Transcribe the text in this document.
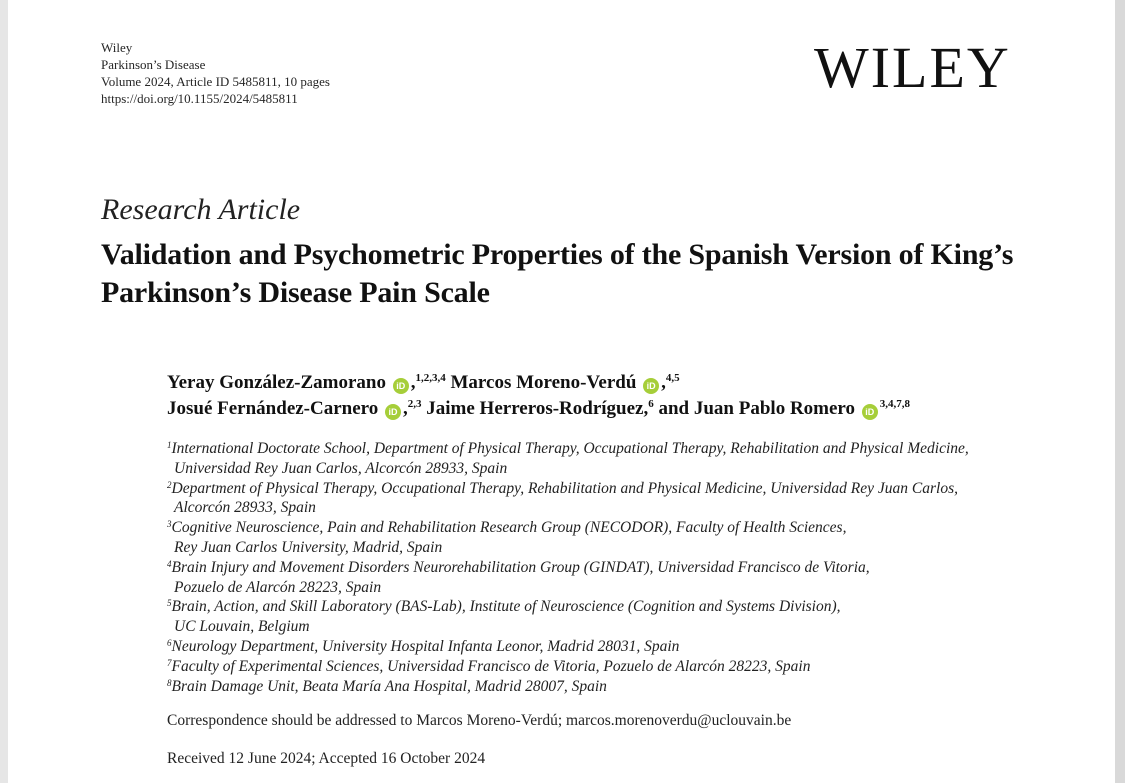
Wiley
Parkinson’s Disease
Volume 2024, Article ID 5485811, 10 pages
https://doi.org/10.1155/2024/5485811	WILEY
Research Article
Validation and Psychometric Properties of the Spanish Version of King’s Parkinson’s Disease Pain Scale
Yeray González-Zamorano iD ,$^{1,2,3,4}$ Marcos Moreno-Verdú iD ,$^{4,5}$
Josué Fernández-Carnero iD ,$^{2,3}$ Jaime Herreros-Rodríguez,$^6$ and Juan Pablo Romero iD$^{3,4,7,8}$
$^1$International Doctorate School, Department of Physical Therapy, Occupational Therapy, Rehabilitation and Physical Medicine,
Universidad Rey Juan Carlos, Alcorcón 28933, Spain
$^2$Department of Physical Therapy, Occupational Therapy, Rehabilitation and Physical Medicine, Universidad Rey Juan Carlos,
Alcorcón 28933, Spain
$^3$Cognitive Neuroscience, Pain and Rehabilitation Research Group (NECODOR), Faculty of Health Sciences,
Rey Juan Carlos University, Madrid, Spain
$^4$Brain Injury and Movement Disorders Neurorehabilitation Group (GINDAT), Universidad Francisco de Vitoria,
Pozuelo de Alarcón 28223, Spain
$^5$Brain, Action, and Skill Laboratory (BAS-Lab), Institute of Neuroscience (Cognition and Systems Division),
UC Louvain, Belgium
$^6$Neurology Department, University Hospital Infanta Leonor, Madrid 28031, Spain
$^7$Faculty of Experimental Sciences, Universidad Francisco de Vitoria, Pozuelo de Alarcón 28223, Spain
$^8$Brain Damage Unit, Beata María Ana Hospital, Madrid 28007, Spain
Correspondence should be addressed to Marcos Moreno-Verdú; marcos.morenoverdu@uclouvain.be
Received 12 June 2024; Accepted 16 October 2024
